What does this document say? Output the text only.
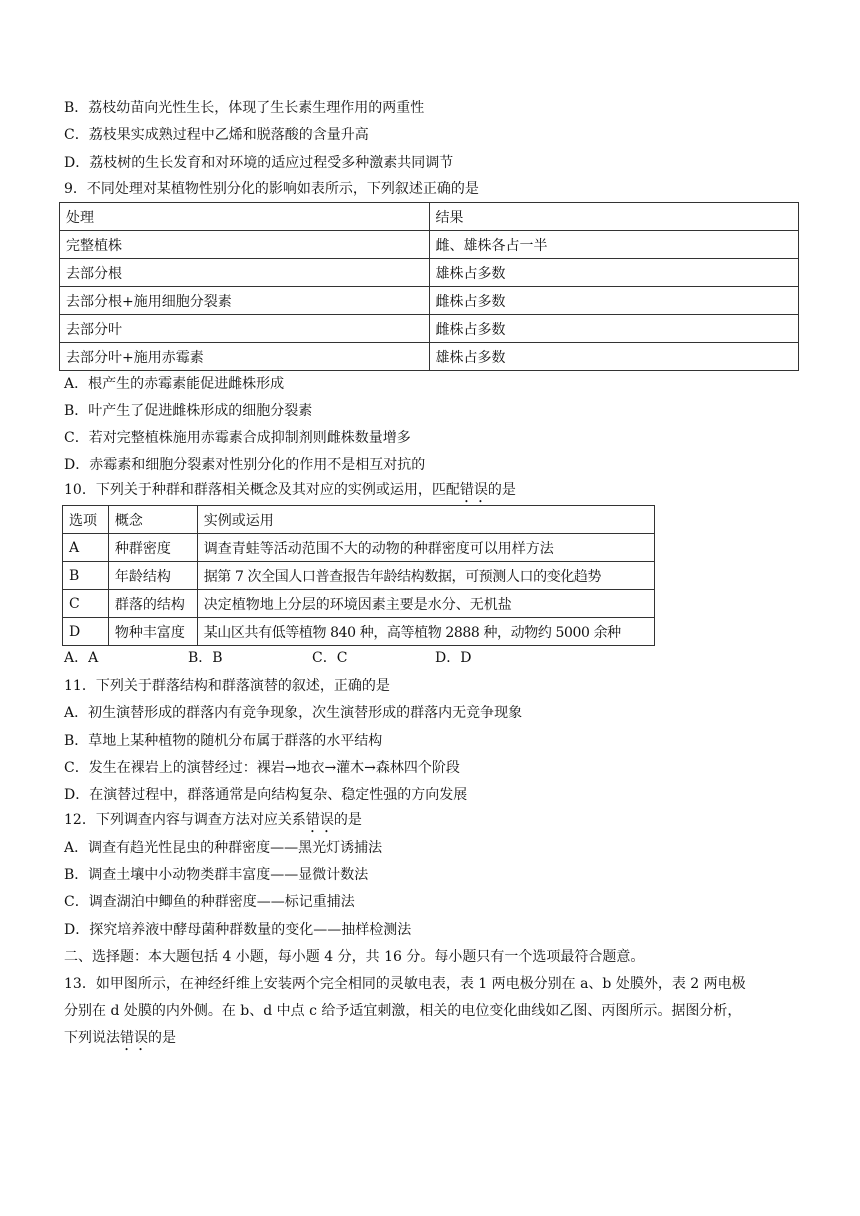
B．荔枝幼苗向光性生长，体现了生长素生理作用的两重性
C．荔枝果实成熟过程中乙烯和脱落酸的含量升高
D．荔枝树的生长发育和对环境的适应过程受多种激素共同调节
9．不同处理对某植物性别分化的影响如表所示，下列叙述正确的是
处理	结果
完整植株	雌、雄株各占一半
去部分根	雄株占多数
去部分根+施用细胞分裂素	雌株占多数
去部分叶	雌株占多数
去部分叶+施用赤霉素	雄株占多数
A．根产生的赤霉素能促进雌株形成
B．叶产生了促进雌株形成的细胞分裂素
C．若对完整植株施用赤霉素合成抑制剂则雌株数量增多
D．赤霉素和细胞分裂素对性别分化的作用不是相互对抗的
10．下列关于种群和群落相关概念及其对应的实例或运用，匹配错误的是
选项	概念	实例或运用
A	种群密度	调查青蛙等活动范围不大的动物的种群密度可以用样方法
B	年龄结构	据第 7 次全国人口普查报告年龄结构数据，可预测人口的变化趋势
C	群落的结构	决定植物地上分层的环境因素主要是水分、无机盐
D	物种丰富度	某山区共有低等植物 840 种，高等植物 2888 种，动物约 5000 余种
A．A	B．B	C．C	D．D
11．下列关于群落结构和群落演替的叙述，正确的是
A．初生演替形成的群落内有竞争现象，次生演替形成的群落内无竞争现象
B．草地上某种植物的随机分布属于群落的水平结构
C．发生在裸岩上的演替经过：裸岩→地衣→灌木→森林四个阶段
D．在演替过程中，群落通常是向结构复杂、稳定性强的方向发展
12．下列调查内容与调查方法对应关系错误的是
A．调查有趋光性昆虫的种群密度——黑光灯诱捕法
B．调查土壤中小动物类群丰富度——显微计数法
C．调查湖泊中鲫鱼的种群密度——标记重捕法
D．探究培养液中酵母菌种群数量的变化——抽样检测法
二、选择题：本大题包括 4 小题，每小题 4 分，共 16 分。每小题只有一个选项最符合题意。
13．如甲图所示，在神经纤维上安装两个完全相同的灵敏电表，表 1 两电极分别在 a、b 处膜外，表 2 两电极
分别在 d 处膜的内外侧。在 b、d 中点 c 给予适宜刺激，相关的电位变化曲线如乙图、丙图所示。据图分析，
下列说法错误的是
